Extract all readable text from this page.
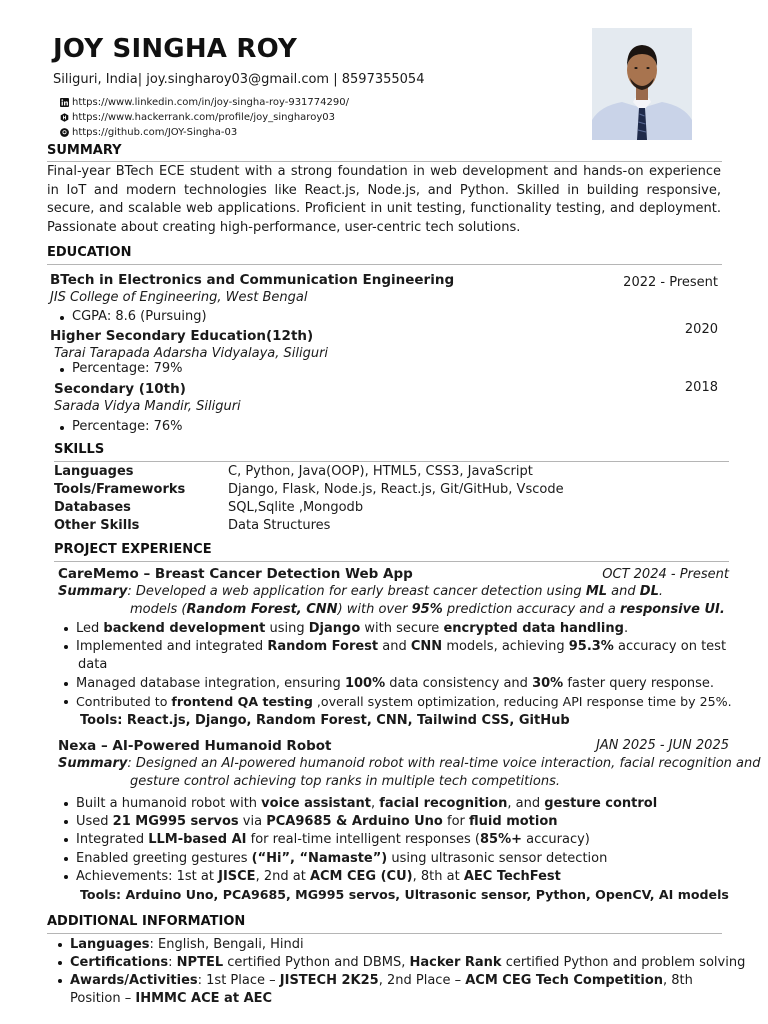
JOY SINGHA ROY
Siliguri, India| joy.singharoy03@gmail.com | 8597355054
https://www.linkedin.com/in/joy-singha-roy-931774290/
https://www.hackerrank.com/profile/joy_singharoy03
https://github.com/JOY-Singha-03
SUMMARY
Final-year BTech ECE student with a strong foundation in web development and hands-on experience in IoT and modern technologies like React.js, Node.js, and Python. Skilled in building responsive, secure, and scalable web applications. Proficient in unit testing, functionality testing, and deployment. Passionate about creating high-performance, user-centric tech solutions.
EDUCATION
BTech in Electronics and Communication Engineering	2022 - Present
JIS College of Engineering, West Bengal
CGPA: 8.6 (Pursuing)
Higher Secondary Education(12th)	2020
Tarai Tarapada Adarsha Vidyalaya, Siliguri
Percentage: 79%
Secondary (10th)	2018
Sarada Vidya Mandir, Siliguri
Percentage: 76%
SKILLS
Languages	C, Python, Java(OOP), HTML5, CSS3, JavaScript
Tools/Frameworks	Django, Flask, Node.js, React.js, Git/GitHub, Vscode
Databases	SQL,Sqlite ,Mongodb
Other Skills	Data Structures
PROJECT EXPERIENCE
CareMemo – Breast Cancer Detection Web App	OCT 2024 - Present
Summary: Developed a web application for early breast cancer detection using ML and DL.
models (Random Forest, CNN) with over 95% prediction accuracy and a responsive UI.
Led backend development using Django with secure encrypted data handling.
Implemented and integrated Random Forest and CNN models, achieving 95.3% accuracy on test
data
Managed database integration, ensuring 100% data consistency and 30% faster query response.
Contributed to frontend QA testing ,overall system optimization, reducing API response time by 25%.
Tools: React.js, Django, Random Forest, CNN, Tailwind CSS, GitHub
Nexa – AI-Powered Humanoid Robot	JAN 2025 - JUN 2025
Summary: Designed an AI-powered humanoid robot with real-time voice interaction, facial recognition and
gesture control achieving top ranks in multiple tech competitions.
Built a humanoid robot with voice assistant, facial recognition, and gesture control
Used 21 MG995 servos via PCA9685 & Arduino Uno for fluid motion
Integrated LLM-based AI for real-time intelligent responses (85%+ accuracy)
Enabled greeting gestures (“Hi”, “Namaste”) using ultrasonic sensor detection
Achievements: 1st at JISCE, 2nd at ACM CEG (CU), 8th at AEC TechFest
Tools: Arduino Uno, PCA9685, MG995 servos, Ultrasonic sensor, Python, OpenCV, AI models
ADDITIONAL INFORMATION
Languages: English, Bengali, Hindi
Certifications: NPTEL certified Python and DBMS, Hacker Rank certified Python and problem solving
Awards/Activities: 1st Place – JISTECH 2K25, 2nd Place – ACM CEG Tech Competition, 8th
Position – IHMMC ACE at AEC
